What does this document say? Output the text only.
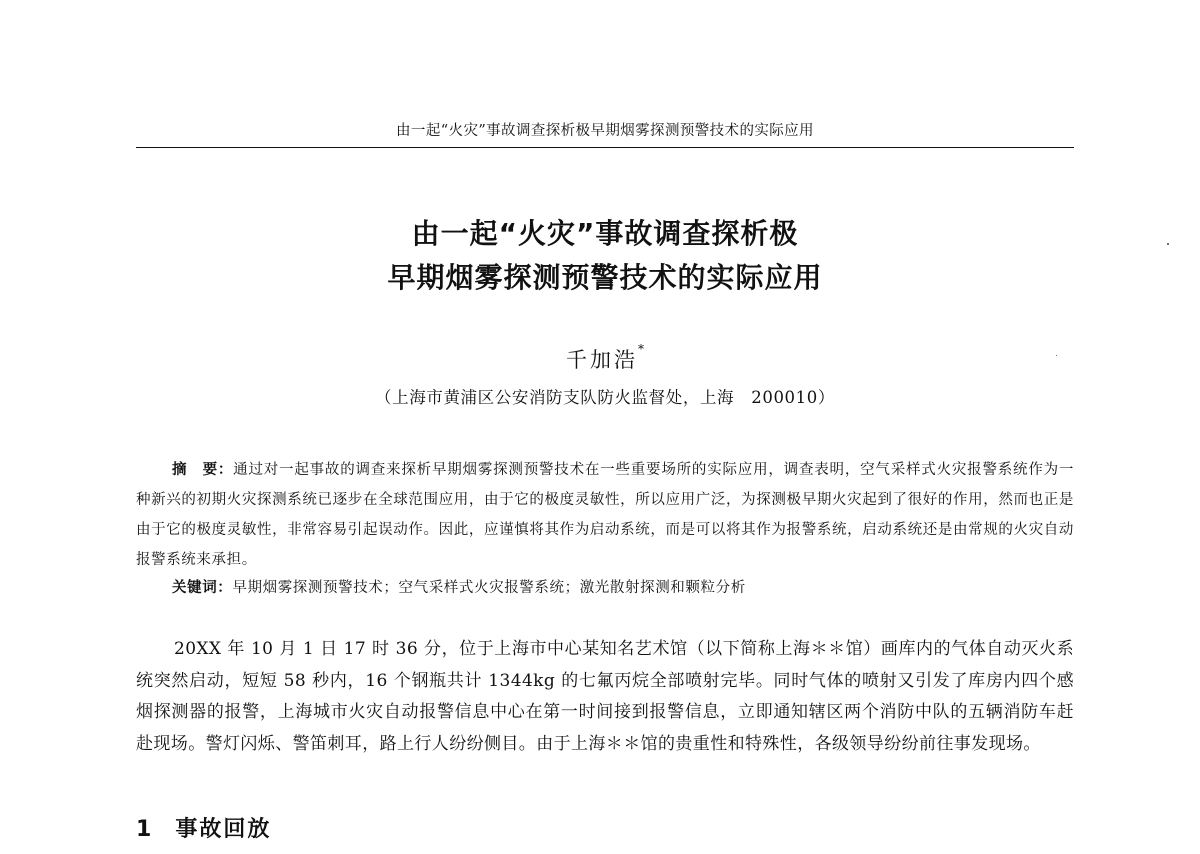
由一起“火灾”事故调查探析极早期烟雾探测预警技术的实际应用
由一起“火灾”事故调查探析极
早期烟雾探测预警技术的实际应用
千加浩*
（上海市黄浦区公安消防支队防火监督处，上海　200010）
摘　要：通过对一起事故的调查来探析早期烟雾探测预警技术在一些重要场所的实际应用，调查表明，空气采样式火灾报警系统作为一种新兴的初期火灾探测系统已逐步在全球范围应用，由于它的极度灵敏性，所以应用广泛，为探测极早期火灾起到了很好的作用，然而也正是由于它的极度灵敏性，非常容易引起误动作。因此，应谨慎将其作为启动系统，而是可以将其作为报警系统，启动系统还是由常规的火灾自动报警系统来承担。
关键词：早期烟雾探测预警技术；空气采样式火灾报警系统；激光散射探测和颗粒分析
20XX 年 10 月 1 日 17 时 36 分，位于上海市中心某知名艺术馆（以下简称上海＊＊馆）画库内的气体自动灭火系统突然启动，短短 58 秒内，16 个钢瓶共计 1344kg 的七氟丙烷全部喷射完毕。同时气体的喷射又引发了库房内四个感烟探测器的报警，上海城市火灾自动报警信息中心在第一时间接到报警信息，立即通知辖区两个消防中队的五辆消防车赶赴现场。警灯闪烁、警笛刺耳，路上行人纷纷侧目。由于上海＊＊馆的贵重性和特殊性，各级领导纷纷前往事发现场。
1 事故回放
